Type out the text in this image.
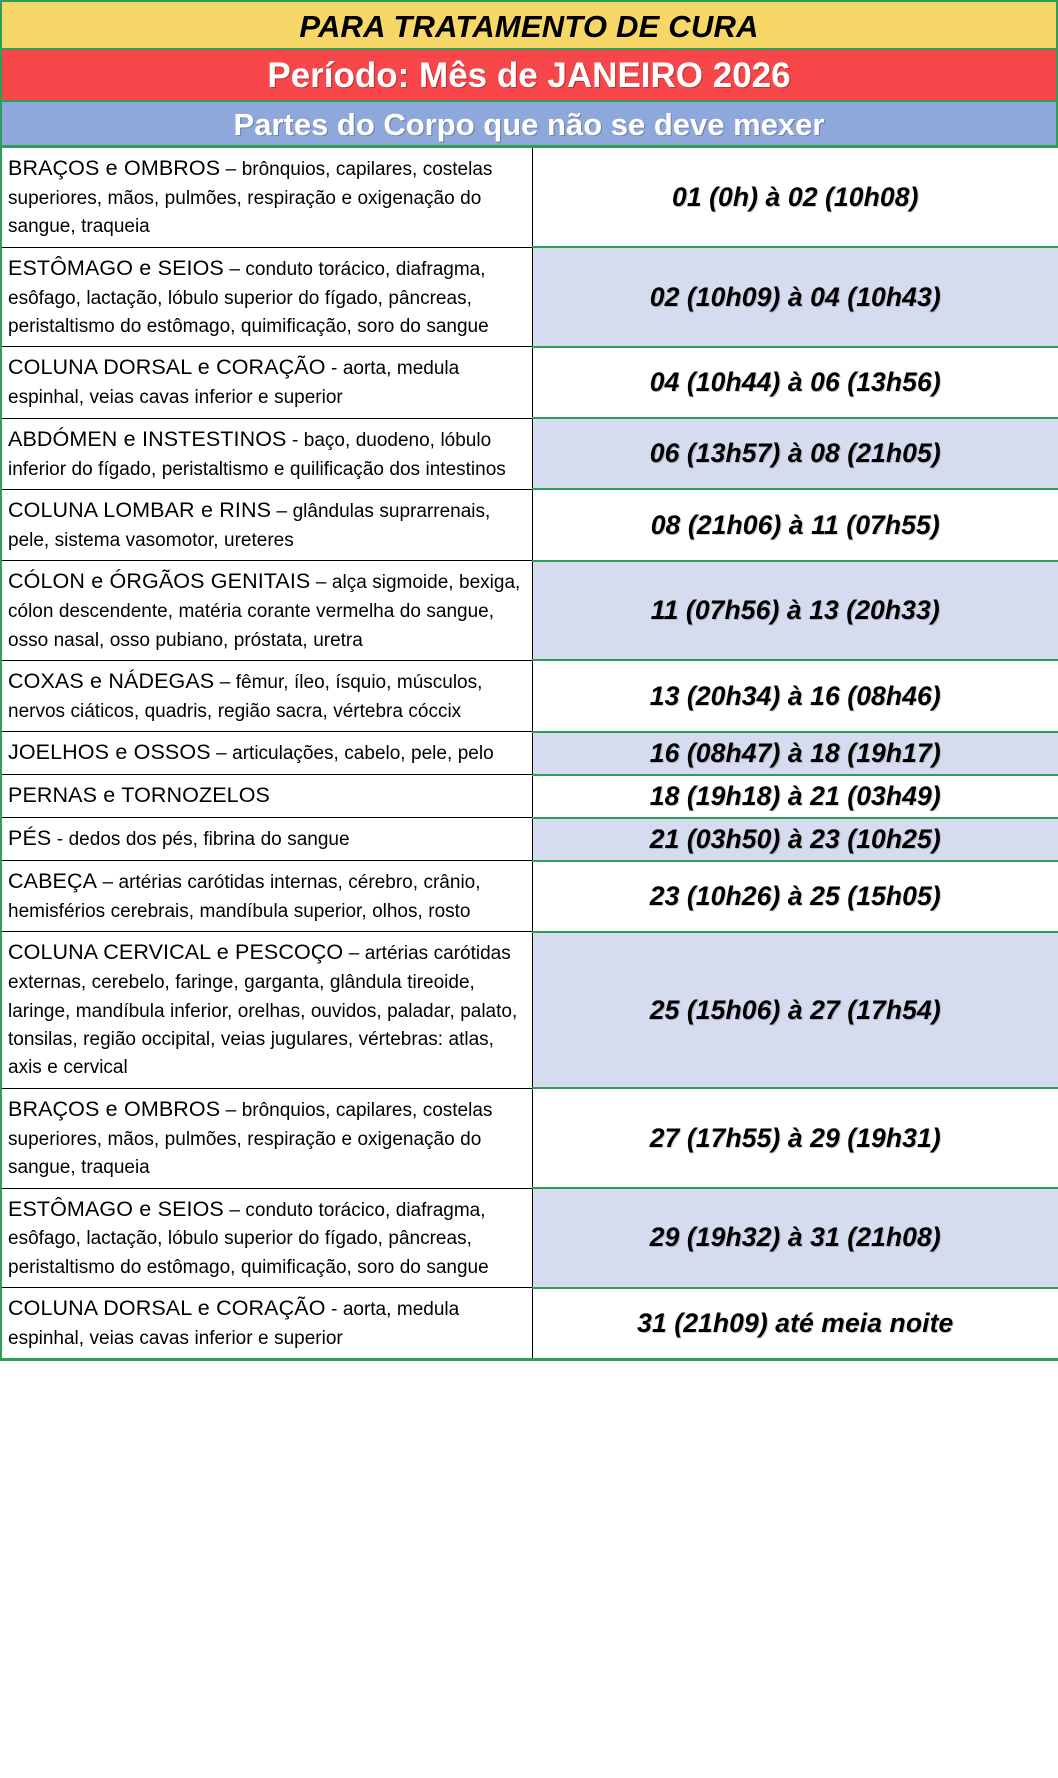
PARA TRATAMENTO DE CURA
Período: Mês de JANEIRO 2026
Partes do Corpo que não se deve mexer
BRAÇOS e OMBROS – brônquios, capilares, costelas superiores, mãos, pulmões, respiração e oxigenação do sangue, traqueia	01 (0h) à 02 (10h08)
ESTÔMAGO e SEIOS – conduto torácico, diafragma, esôfago, lactação, lóbulo superior do fígado, pâncreas, peristaltismo do estômago, quimificação, soro do sangue	02 (10h09) à 04 (10h43)
COLUNA DORSAL e CORAÇÃO - aorta, medula espinhal, veias cavas inferior e superior	04 (10h44) à 06 (13h56)
ABDÓMEN e INSTESTINOS - baço, duodeno, lóbulo inferior do fígado, peristaltismo e quilificação dos intestinos	06 (13h57) à 08 (21h05)
COLUNA LOMBAR e RINS – glândulas suprarrenais, pele, sistema vasomotor, ureteres	08 (21h06) à 11 (07h55)
CÓLON e ÓRGÃOS GENITAIS – alça sigmoide, bexiga, cólon descendente, matéria corante vermelha do sangue, osso nasal, osso pubiano, próstata, uretra	11 (07h56) à 13 (20h33)
COXAS e NÁDEGAS – fêmur, íleo, ísquio, músculos, nervos ciáticos, quadris, região sacra, vértebra cóccix	13 (20h34) à 16 (08h46)
JOELHOS e OSSOS – articulações, cabelo, pele, pelo	16 (08h47) à 18 (19h17)
PERNAS e TORNOZELOS	18 (19h18) à 21 (03h49)
PÉS - dedos dos pés, fibrina do sangue	21 (03h50) à 23 (10h25)
CABEÇA – artérias carótidas internas, cérebro, crânio, hemisférios cerebrais, mandíbula superior, olhos, rosto	23 (10h26) à 25 (15h05)
COLUNA CERVICAL e PESCOÇO – artérias carótidas externas, cerebelo, faringe, garganta, glândula tireoide, laringe, mandíbula inferior, orelhas, ouvidos, paladar, palato, tonsilas, região occipital, veias jugulares, vértebras: atlas, axis e cervical	25 (15h06) à 27 (17h54)
BRAÇOS e OMBROS – brônquios, capilares, costelas superiores, mãos, pulmões, respiração e oxigenação do sangue, traqueia	27 (17h55) à 29 (19h31)
ESTÔMAGO e SEIOS – conduto torácico, diafragma, esôfago, lactação, lóbulo superior do fígado, pâncreas, peristaltismo do estômago, quimificação, soro do sangue	29 (19h32) à 31 (21h08)
COLUNA DORSAL e CORAÇÃO - aorta, medula espinhal, veias cavas inferior e superior	31 (21h09) até meia noite
